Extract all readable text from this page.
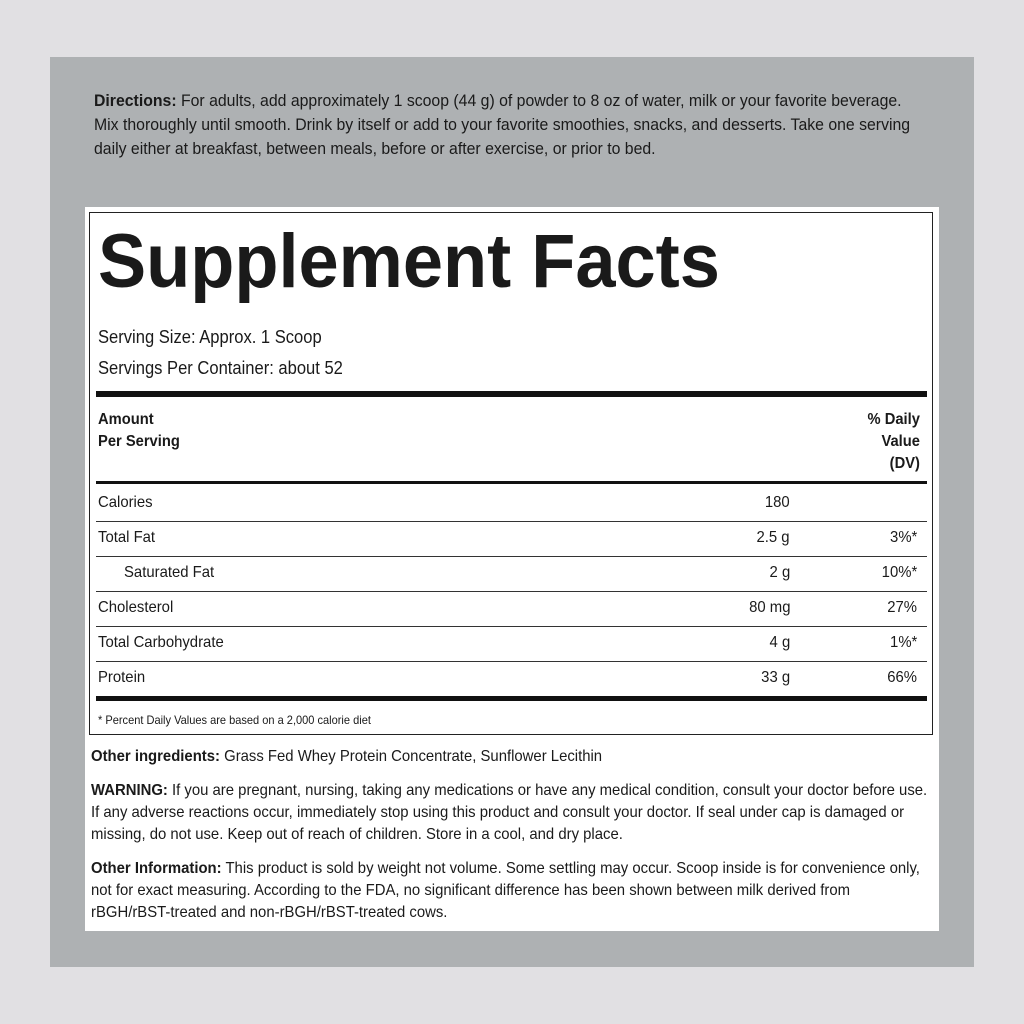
Directions: For adults, add approximately 1 scoop (44 g) of powder to 8 oz of water, milk or your favorite beverage. Mix thoroughly until smooth. Drink by itself or add to your favorite smoothies, snacks, and desserts. Take one serving daily either at breakfast, between meals, before or after exercise, or prior to bed.
Supplement Facts
Serving Size: Approx. 1 Scoop
Servings Per Container: about 52
Amount
Per Serving
% Daily
Value
(DV)
Calories	180
Total Fat	2.5 g	3%*
Saturated Fat	2 g	10%*
Cholesterol	80 mg	27%
Total Carbohydrate	4 g	1%*
Protein	33 g	66%
* Percent Daily Values are based on a 2,000 calorie diet
Other ingredients: Grass Fed Whey Protein Concentrate, Sunflower Lecithin
WARNING: If you are pregnant, nursing, taking any medications or have any medical condition, consult your doctor before use. If any adverse reactions occur, immediately stop using this product and consult your doctor. If seal under cap is damaged or missing, do not use. Keep out of reach of children. Store in a cool, and dry place.
Other Information: This product is sold by weight not volume. Some settling may occur. Scoop inside is for convenience only, not for exact measuring. According to the FDA, no significant difference has been shown between milk derived from rBGH/rBST-treated and non-rBGH/rBST-treated cows.
